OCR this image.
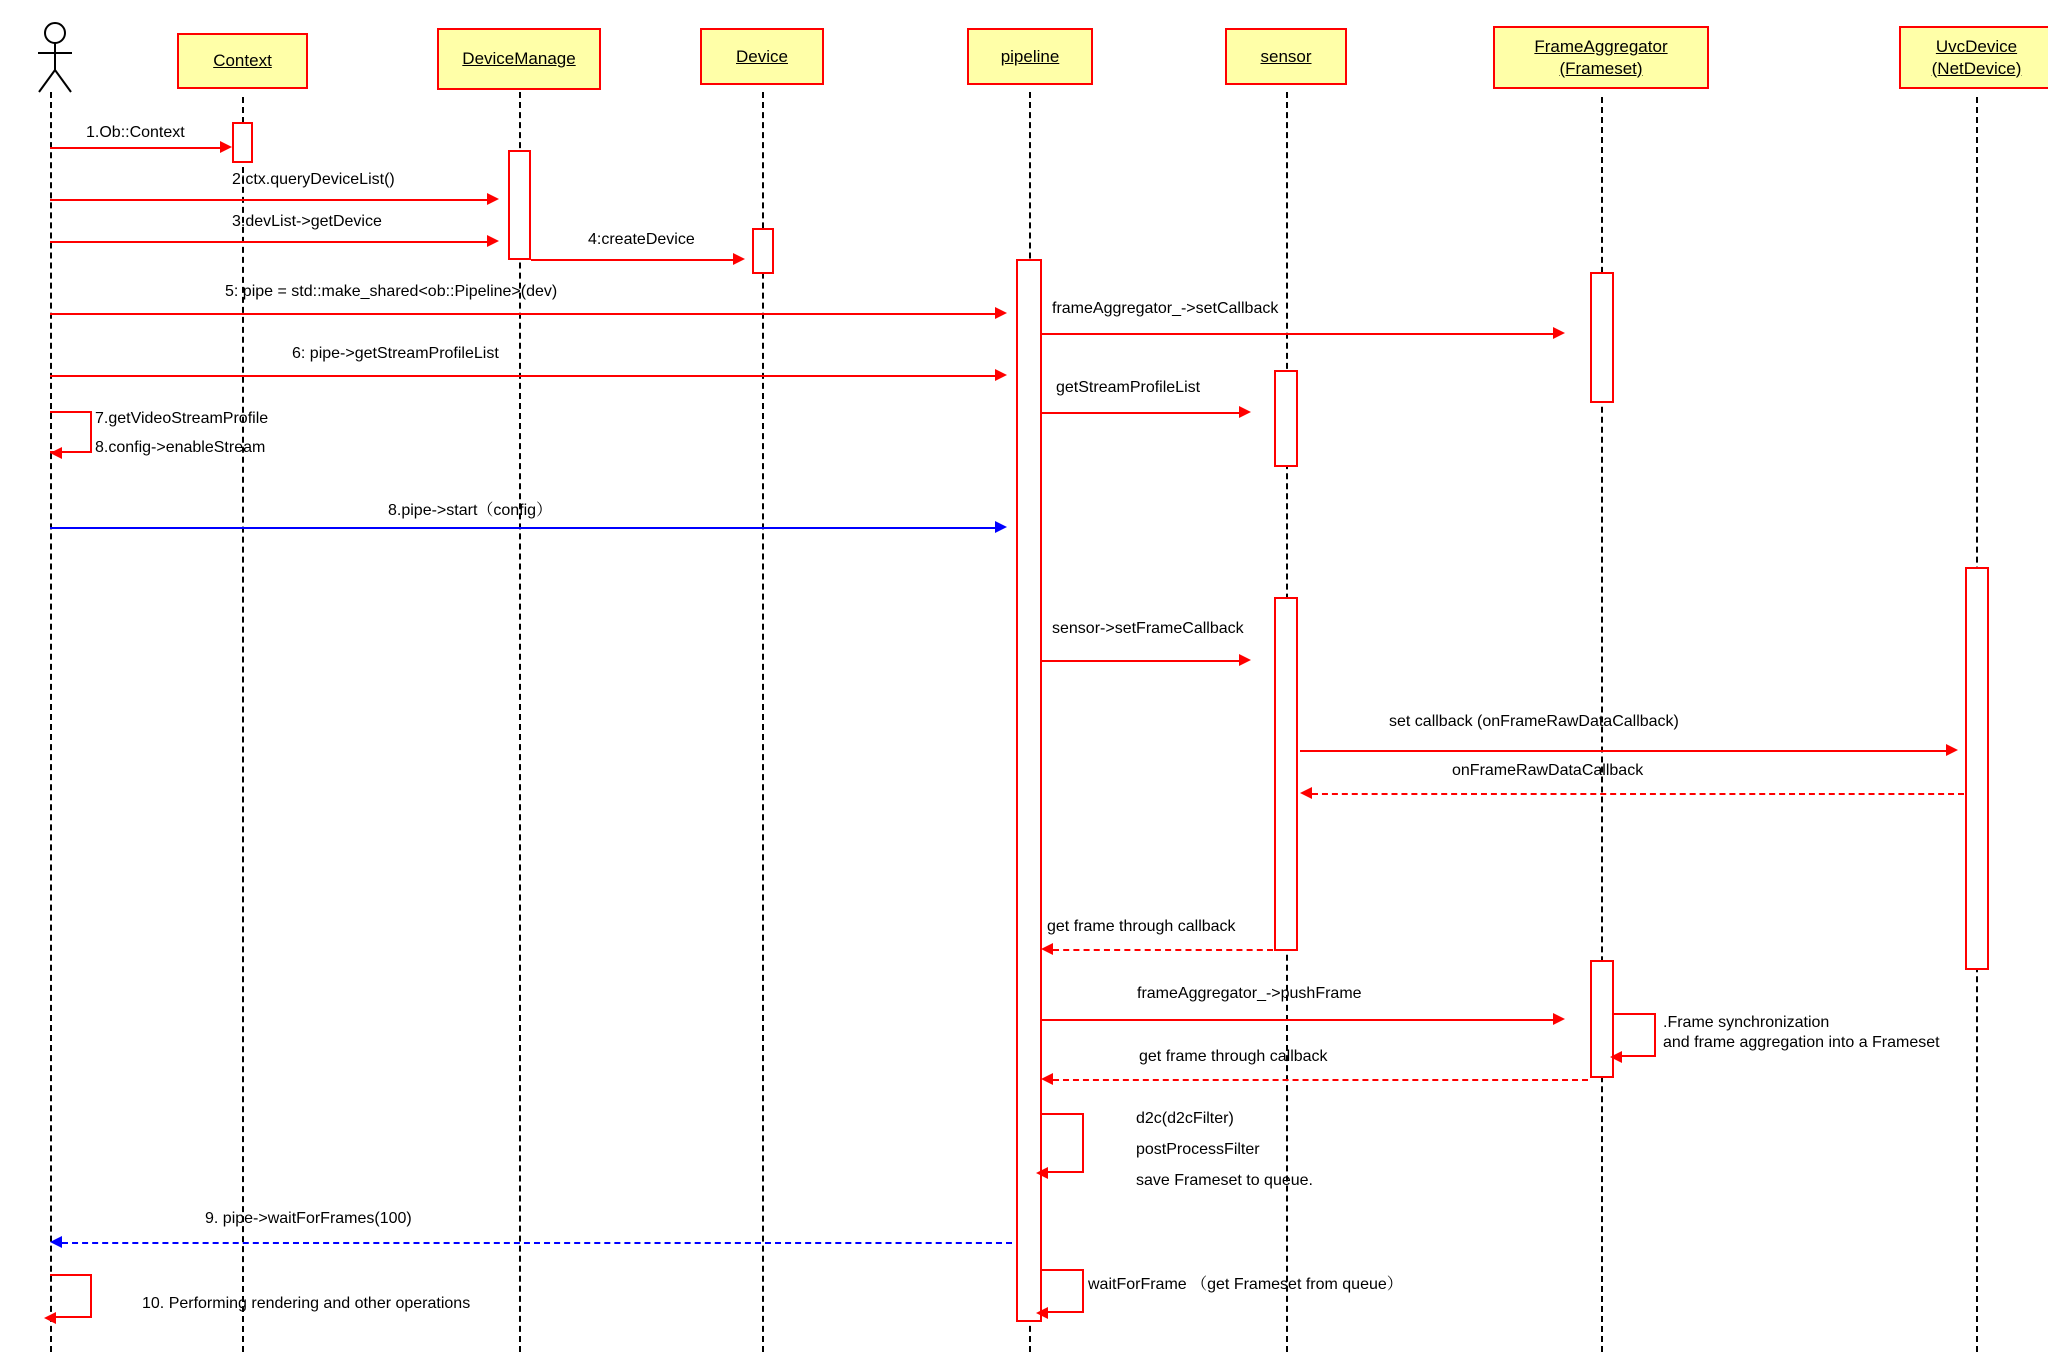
Context	DeviceManage	Device	pipeline	sensor
FrameAggregator
(Frameset)
UvcDevice
(NetDevice)
1.Ob::Context
2:ctx.queryDeviceList()
3:devList->getDevice
4:createDevice
5: pipe = std::make_shared<ob::Pipeline>(dev)
frameAggregator_->setCallback
6: pipe->getStreamProfileList
getStreamProfileList
7.getVideoStreamProfile
8.config->enableStream
8.pipe->start（config）
sensor->setFrameCallback
set callback (onFrameRawDataCallback)
onFrameRawDataCallback
get frame through callback
frameAggregator_->pushFrame
.Frame synchronization
and frame aggregation into a Frameset
get frame through callback
d2c(d2cFilter)
postProcessFilter
save Frameset to queue.
9. pipe->waitForFrames(100)
waitForFrame （get Frameset from queue）
10. Performing rendering and other operations
